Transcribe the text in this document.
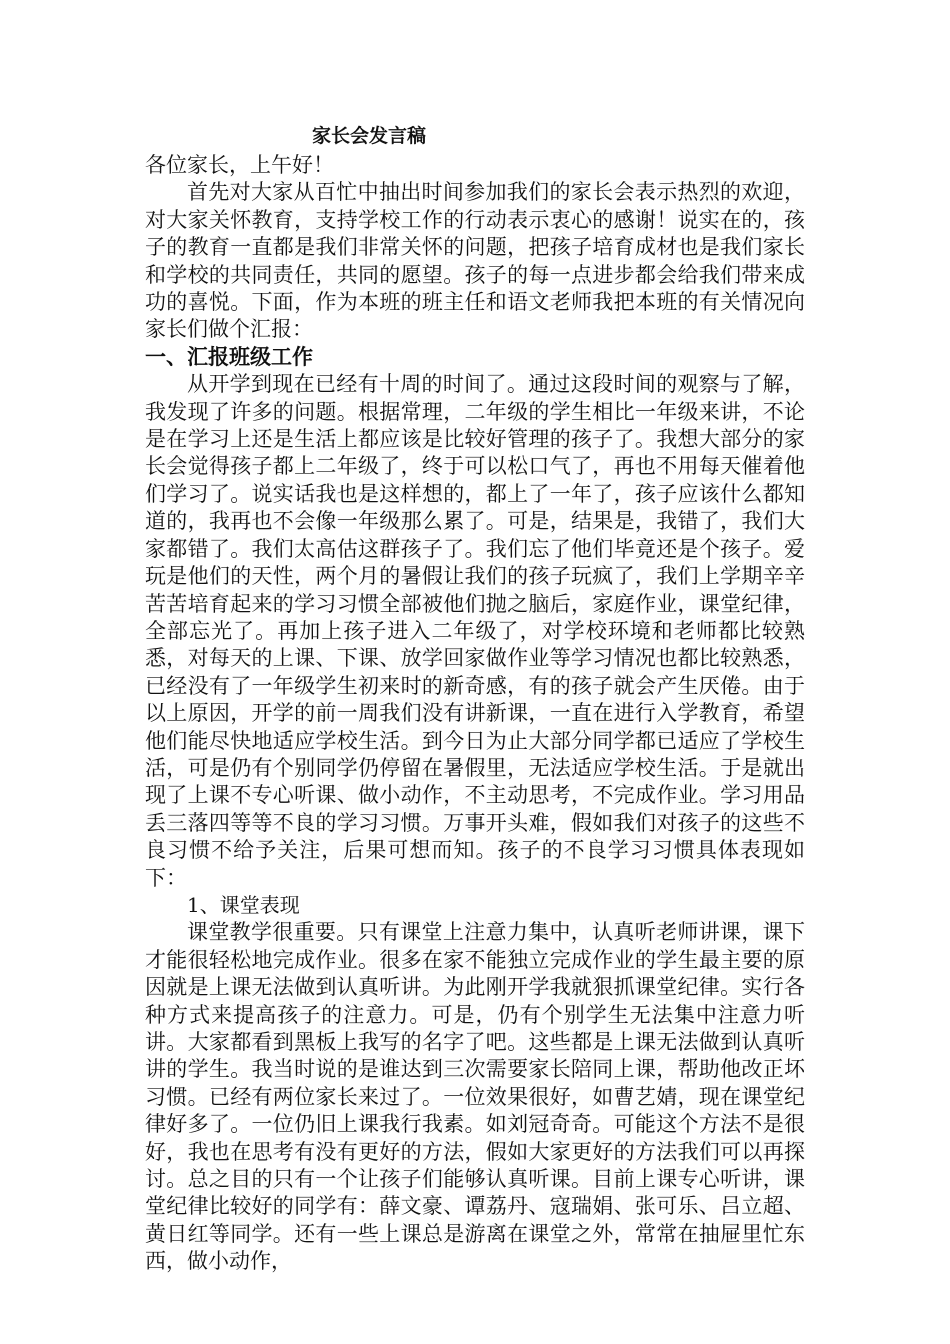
家长会发言稿

各位家长，上午好！

首先对大家从百忙中抽出时间参加我们的家长会表示热烈的欢迎，对大家关怀教育，支持学校工作的行动表示衷心的感谢！说实在的，孩子的教育一直都是我们非常关怀的问题，把孩子培育成材也是我们家长和学校的共同责任，共同的愿望。孩子的每一点进步都会给我们带来成功的喜悦。下面，作为本班的班主任和语文老师我把本班的有关情况向家长们做个汇报：

一、汇报班级工作

从开学到现在已经有十周的时间了。通过这段时间的观察与了解，我发现了许多的问题。根据常理，二年级的学生相比一年级来讲，不论是在学习上还是生活上都应该是比较好管理的孩子了。我想大部分的家长会觉得孩子都上二年级了，终于可以松口气了，再也不用每天催着他们学习了。说实话我也是这样想的，都上了一年了，孩子应该什么都知道的，我再也不会像一年级那么累了。可是，结果是，我错了，我们大家都错了。我们太高估这群孩子了。我们忘了他们毕竟还是个孩子。爱玩是他们的天性，两个月的暑假让我们的孩子玩疯了，我们上学期辛辛苦苦培育起来的学习习惯全部被他们抛之脑后，家庭作业，课堂纪律，全部忘光了。再加上孩子进入二年级了，对学校环境和老师都比较熟悉，对每天的上课、下课、放学回家做作业等学习情况也都比较熟悉，已经没有了一年级学生初来时的新奇感，有的孩子就会产生厌倦。由于以上原因，开学的前一周我们没有讲新课，一直在进行入学教育，希望他们能尽快地适应学校生活。到今日为止大部分同学都已适应了学校生活，可是仍有个别同学仍停留在暑假里，无法适应学校生活。于是就出现了上课不专心听课、做小动作，不主动思考，不完成作业。学习用品丢三落四等等不良的学习习惯。万事开头难，假如我们对孩子的这些不良习惯不给予关注，后果可想而知。孩子的不良学习习惯具体表现如下：

1、课堂表现

课堂教学很重要。只有课堂上注意力集中，认真听老师讲课，课下才能很轻松地完成作业。很多在家不能独立完成作业的学生最主要的原因就是上课无法做到认真听讲。为此刚开学我就狠抓课堂纪律。实行各种方式来提高孩子的注意力。可是，仍有个别学生无法集中注意力听讲。大家都看到黑板上我写的名字了吧。这些都是上课无法做到认真听讲的学生。我当时说的是谁达到三次需要家长陪同上课，帮助他改正坏习惯。已经有两位家长来过了。一位效果很好，如曹艺婧，现在课堂纪律好多了。一位仍旧上课我行我素。如刘冠奇奇。可能这个方法不是很好，我也在思考有没有更好的方法，假如大家更好的方法我们可以再探讨。总之目的只有一个让孩子们能够认真听课。目前上课专心听讲，课堂纪律比较好的同学有：薛文豪、谭荔丹、寇瑞娟、张可乐、吕立超、黄日红等同学。还有一些上课总是游离在课堂之外，常常在抽屉里忙东西，做小动作，
